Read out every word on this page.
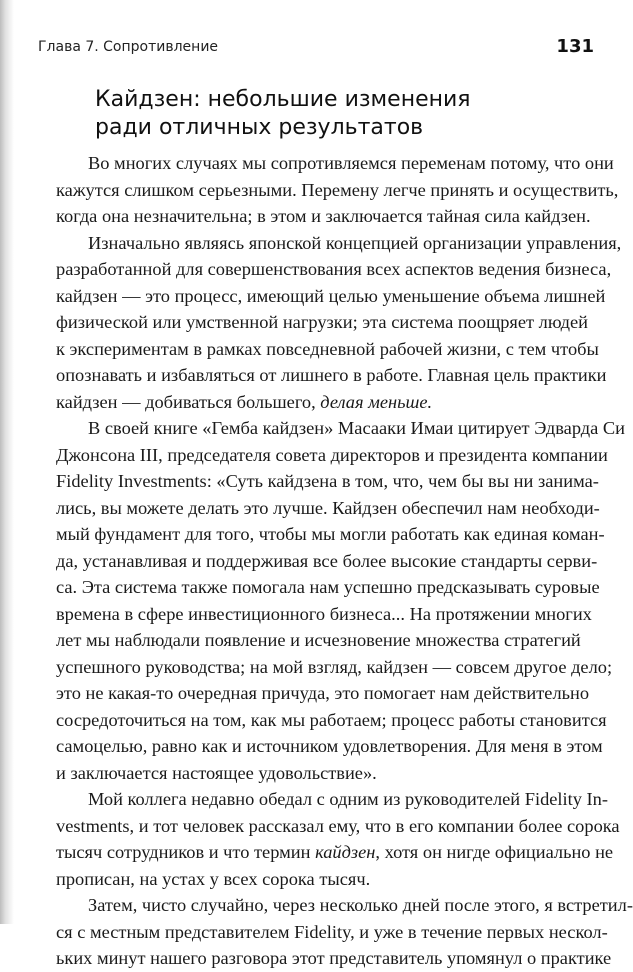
Глава 7. Сопротивление	131
Кайдзен: небольшие изменения
ради отличных результатов
Во многих случаях мы сопротивляемся переменам потому, что они
кажутся слишком серьезными. Перемену легче принять и осуществить,
когда она незначительна; в этом и заключается тайная сила кайдзен.
Изначально являясь японской концепцией организации управления,
разработанной для совершенствования всех аспектов ведения бизнеса,
кайдзен — это процесс, имеющий целью уменьшение объема лишней
физической или умственной нагрузки; эта система поощряет людей
к экспериментам в рамках повседневной рабочей жизни, с тем чтобы
опознавать и избавляться от лишнего в работе. Главная цель практики
кайдзен — добиваться большего, делая меньше.
В своей книге «Гемба кайдзен» Масааки Имаи цитирует Эдварда Си
Джонсона III, председателя совета директоров и президента компании
Fidelity Investments: «Суть кайдзена в том, что, чем бы вы ни занима-
лись, вы можете делать это лучше. Кайдзен обеспечил нам необходи-
мый фундамент для того, чтобы мы могли работать как единая коман-
да, устанавливая и поддерживая все более высокие стандарты серви-
са. Эта система также помогала нам успешно предсказывать суровые
времена в сфере инвестиционного бизнеса... На протяжении многих
лет мы наблюдали появление и исчезновение множества стратегий
успешного руководства; на мой взгляд, кайдзен — совсем другое дело;
это не какая-то очередная причуда, это помогает нам действительно
сосредоточиться на том, как мы работаем; процесс работы становится
самоцелью, равно как и источником удовлетворения. Для меня в этом
и заключается настоящее удовольствие».
Мой коллега недавно обедал с одним из руководителей Fidelity In-
vestments, и тот человек рассказал ему, что в его компании более сорока
тысяч сотрудников и что термин кайдзен, хотя он нигде официально не
прописан, на устах у всех сорока тысяч.
Затем, чисто случайно, через несколько дней после этого, я встретил-
ся с местным представителем Fidelity, и уже в течение первых нескол-
ьких минут нашего разговора этот представитель упомянул о практике
